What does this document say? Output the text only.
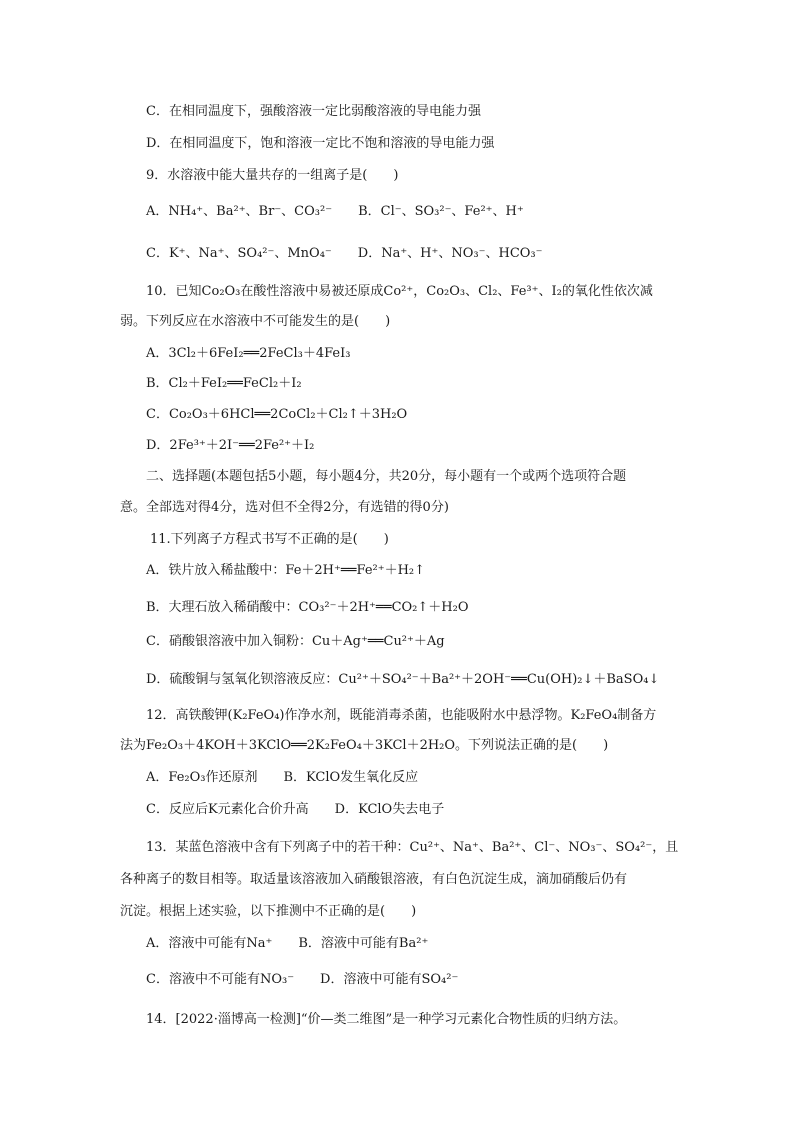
C．在相同温度下，强酸溶液一定比弱酸溶液的导电能力强
D．在相同温度下，饱和溶液一定比不饱和溶液的导电能力强
9．水溶液中能大量共存的一组离子是(　　)
A．NH₄⁺、Ba²⁺、Br⁻、CO₃²⁻　　B．Cl⁻、SO₃²⁻、Fe²⁺、H⁺
C．K⁺、Na⁺、SO₄²⁻、MnO₄⁻　　D．Na⁺、H⁺、NO₃⁻、HCO₃⁻
10．已知Co₂O₃在酸性溶液中易被还原成Co²⁺，Co₂O₃、Cl₂、Fe³⁺、I₂的氧化性依次减
弱。下列反应在水溶液中不可能发生的是(　　)
A．3Cl₂＋6FeI₂══2FeCl₃＋4FeI₃
B．Cl₂＋FeI₂══FeCl₂＋I₂
C．Co₂O₃＋6HCl══2CoCl₂＋Cl₂↑＋3H₂O
D．2Fe³⁺＋2I⁻══2Fe²⁺＋I₂
二、选择题(本题包括5小题，每小题4分，共20分，每小题有一个或两个选项符合题
意。全部选对得4分，选对但不全得2分，有选错的得0分)
11.下列离子方程式书写不正确的是(　　)
A．铁片放入稀盐酸中：Fe＋2H⁺══Fe²⁺＋H₂↑
B．大理石放入稀硝酸中：CO₃²⁻＋2H⁺══CO₂↑＋H₂O
C．硝酸银溶液中加入铜粉：Cu＋Ag⁺══Cu²⁺＋Ag
D．硫酸铜与氢氧化钡溶液反应：Cu²⁺＋SO₄²⁻＋Ba²⁺＋2OH⁻══Cu(OH)₂↓＋BaSO₄↓
12．高铁酸钾(K₂FeO₄)作净水剂，既能消毒杀菌，也能吸附水中悬浮物。K₂FeO₄制备方
法为Fe₂O₃＋4KOH＋3KClO══2K₂FeO₄＋3KCl＋2H₂O。下列说法正确的是(　　)
A．Fe₂O₃作还原剂　　B．KClO发生氧化反应
C．反应后K元素化合价升高　　D．KClO失去电子
13．某蓝色溶液中含有下列离子中的若干种：Cu²⁺、Na⁺、Ba²⁺、Cl⁻、NO₃⁻、SO₄²⁻，且
各种离子的数目相等。取适量该溶液加入硝酸银溶液，有白色沉淀生成，滴加硝酸后仍有
沉淀。根据上述实验，以下推测中不正确的是(　　)
A．溶液中可能有Na⁺　　B．溶液中可能有Ba²⁺
C．溶液中不可能有NO₃⁻　　D．溶液中可能有SO₄²⁻
14．[2022·淄博高一检测]“价—类二维图”是一种学习元素化合物性质的归纳方法。
